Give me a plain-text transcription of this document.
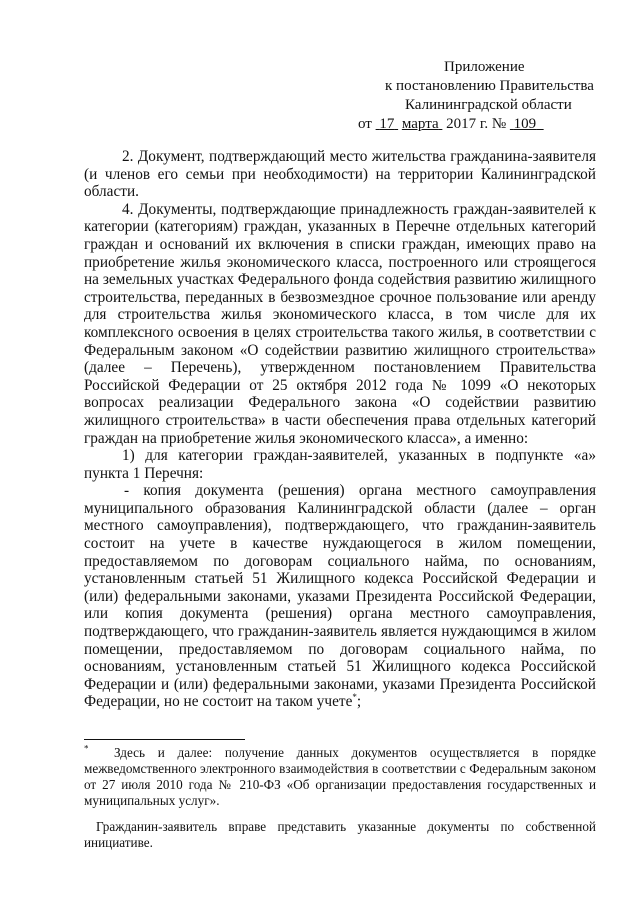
Приложение
к постановлению Правительства
Калининградской области
от 17 марта 2017 г. № 109

2. Документ, подтверждающий место жительства гражданина-заявителя (и членов его семьи при необходимости) на территории Калининградской области.

4. Документы, подтверждающие принадлежность граждан-заявителей к категории (категориям) граждан, указанных в Перечне отдельных категорий граждан и оснований их включения в списки граждан, имеющих право на приобретение жилья экономического класса, построенного или строящегося на земельных участках Федерального фонда содействия развитию жилищного строительства, переданных в безвозмездное срочное пользование или аренду для строительства жилья экономического класса, в том числе для их комплексного освоения в целях строительства такого жилья, в соответствии с Федеральным законом «О содействии развитию жилищного строительства» (далее – Перечень), утвержденном постановлением Правительства Российской Федерации от 25 октября 2012 года № 1099 «О некоторых вопросах реализации Федерального закона «О содействии развитию жилищного строительства» в части обеспечения права отдельных категорий граждан на приобретение жилья экономического класса», а именно:

1) для категории граждан-заявителей, указанных в подпункте «а» пункта 1 Перечня:

- копия документа (решения) органа местного самоуправления муниципального образования Калининградской области (далее – орган местного самоуправления), подтверждающего, что гражданин-заявитель состоит на учете в качестве нуждающегося в жилом помещении, предоставляемом по договорам социального найма, по основаниям, установленным статьей 51 Жилищного кодекса Российской Федерации и (или) федеральными законами, указами Президента Российской Федерации, или копия документа (решения) органа местного самоуправления, подтверждающего, что гражданин-заявитель является нуждающимся в жилом помещении, предоставляемом по договорам социального найма, по основаниям, установленным статьей 51 Жилищного кодекса Российской Федерации и (или) федеральными законами, указами Президента Российской Федерации, но не состоит на таком учете*;

* Здесь и далее: получение данных документов осуществляется в порядке межведомственного электронного взаимодействия в соответствии с Федеральным законом от 27 июля 2010 года № 210-ФЗ «Об организации предоставления государственных и муниципальных услуг».

Гражданин-заявитель вправе представить указанные документы по собственной инициативе.
